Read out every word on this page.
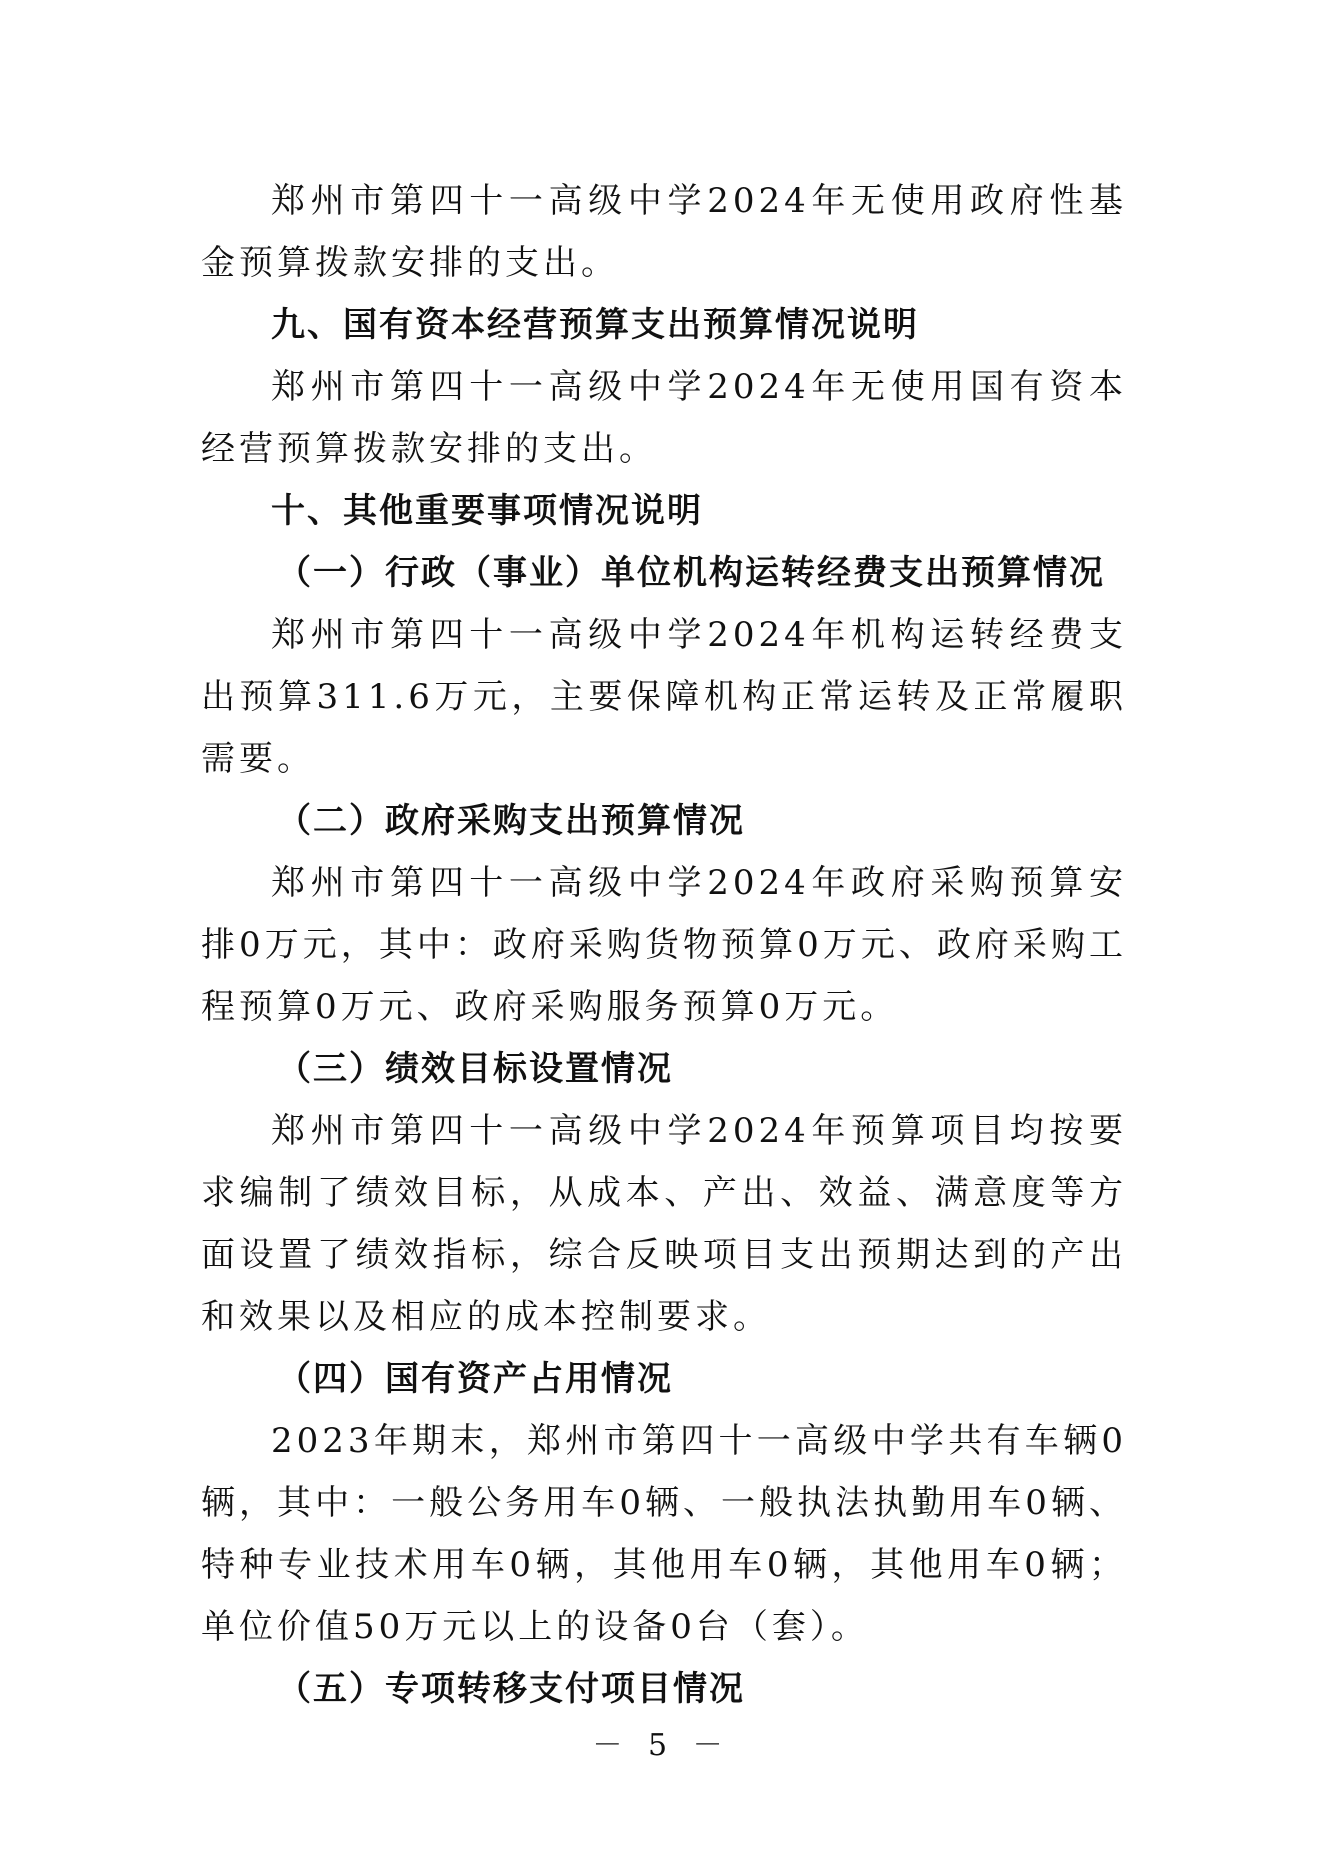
郑州市第四十一高级中学2024年无使用政府性基金预算拨款安排的支出。

九、国有资本经营预算支出预算情况说明

郑州市第四十一高级中学2024年无使用国有资本经营预算拨款安排的支出。

十、其他重要事项情况说明

（一）行政（事业）单位机构运转经费支出预算情况

郑州市第四十一高级中学2024年机构运转经费支出预算311.6万元，主要保障机构正常运转及正常履职需要。

（二）政府采购支出预算情况

郑州市第四十一高级中学2024年政府采购预算安排0万元，其中：政府采购货物预算0万元、政府采购工程预算0万元、政府采购服务预算0万元。

（三）绩效目标设置情况

郑州市第四十一高级中学2024年预算项目均按要求编制了绩效目标，从成本、产出、效益、满意度等方面设置了绩效指标，综合反映项目支出预期达到的产出和效果以及相应的成本控制要求。

（四）国有资产占用情况

2023年期末，郑州市第四十一高级中学共有车辆0辆，其中：一般公务用车0辆、一般执法执勤用车0辆、特种专业技术用车0辆，其他用车0辆，其他用车0辆；单位价值50万元以上的设备0台（套）。

（五）专项转移支付项目情况

－ 5 －
